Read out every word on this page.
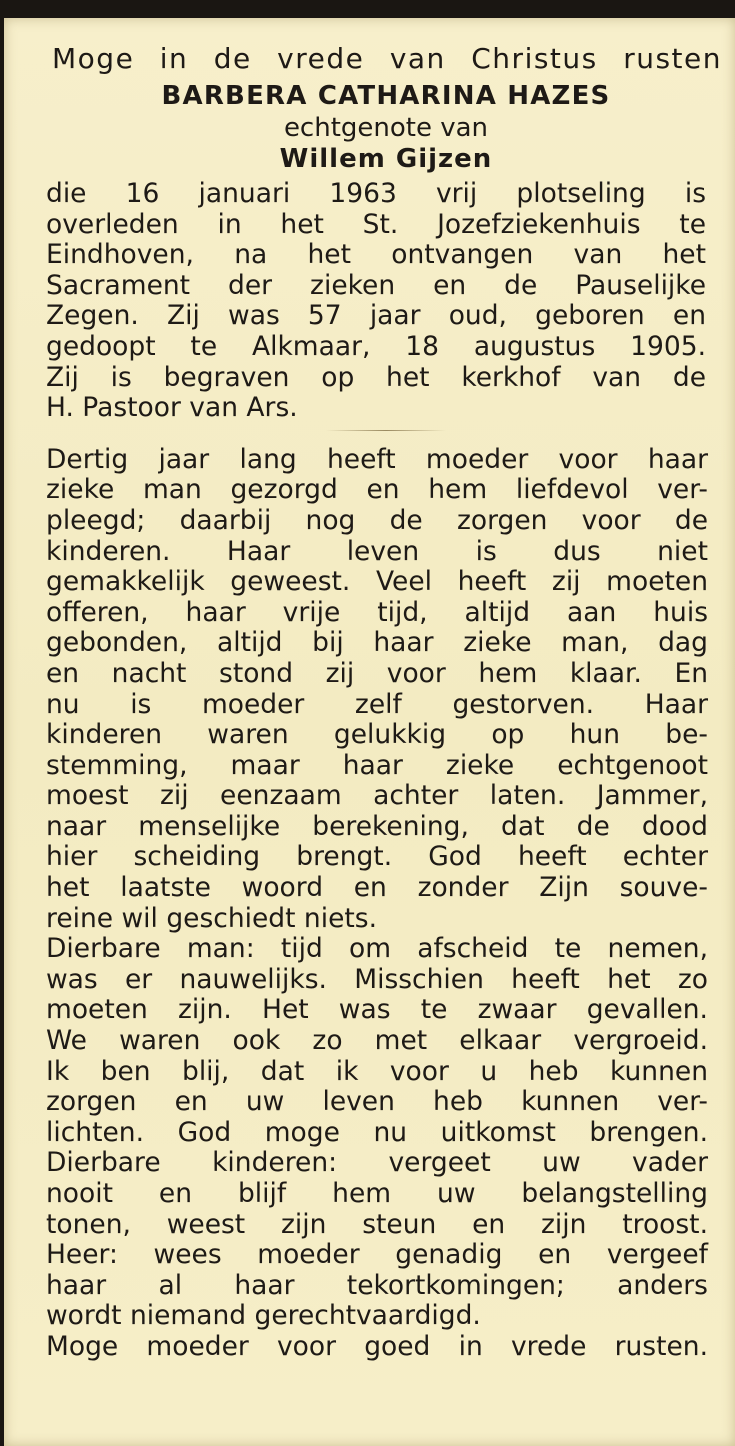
Moge in de vrede van Christus rusten

BARBERA CATHARINA HAZES

echtgenote van

Willem Gijzen

die 16 januari 1963 vrij plotseling is
overleden in het St. Jozefziekenhuis te
Eindhoven, na het ontvangen van het
Sacrament der zieken en de Pauselijke
Zegen. Zij was 57 jaar oud, geboren en
gedoopt te Alkmaar, 18 augustus 1905.
Zij is begraven op het kerkhof van de
H. Pastoor van Ars.
Dertig jaar lang heeft moeder voor haar
zieke man gezorgd en hem liefdevol ver-
pleegd; daarbij nog de zorgen voor de
kinderen. Haar leven is dus niet
gemakkelijk geweest. Veel heeft zij moeten
offeren, haar vrije tijd, altijd aan huis
gebonden, altijd bij haar zieke man, dag
en nacht stond zij voor hem klaar. En
nu is moeder zelf gestorven. Haar
kinderen waren gelukkig op hun be-
stemming, maar haar zieke echtgenoot
moest zij eenzaam achter laten. Jammer,
naar menselijke berekening, dat de dood
hier scheiding brengt. God heeft echter
het laatste woord en zonder Zijn souve-
reine wil geschiedt niets.
Dierbare man: tijd om afscheid te nemen,
was er nauwelijks. Misschien heeft het zo
moeten zijn. Het was te zwaar gevallen.
We waren ook zo met elkaar vergroeid.
Ik ben blij, dat ik voor u heb kunnen
zorgen en uw leven heb kunnen ver-
lichten. God moge nu uitkomst brengen.
Dierbare kinderen: vergeet uw vader
nooit en blijf hem uw belangstelling
tonen, weest zijn steun en zijn troost.
Heer: wees moeder genadig en vergeef
haar al haar tekortkomingen; anders
wordt niemand gerechtvaardigd.
Moge moeder voor goed in vrede rusten.
